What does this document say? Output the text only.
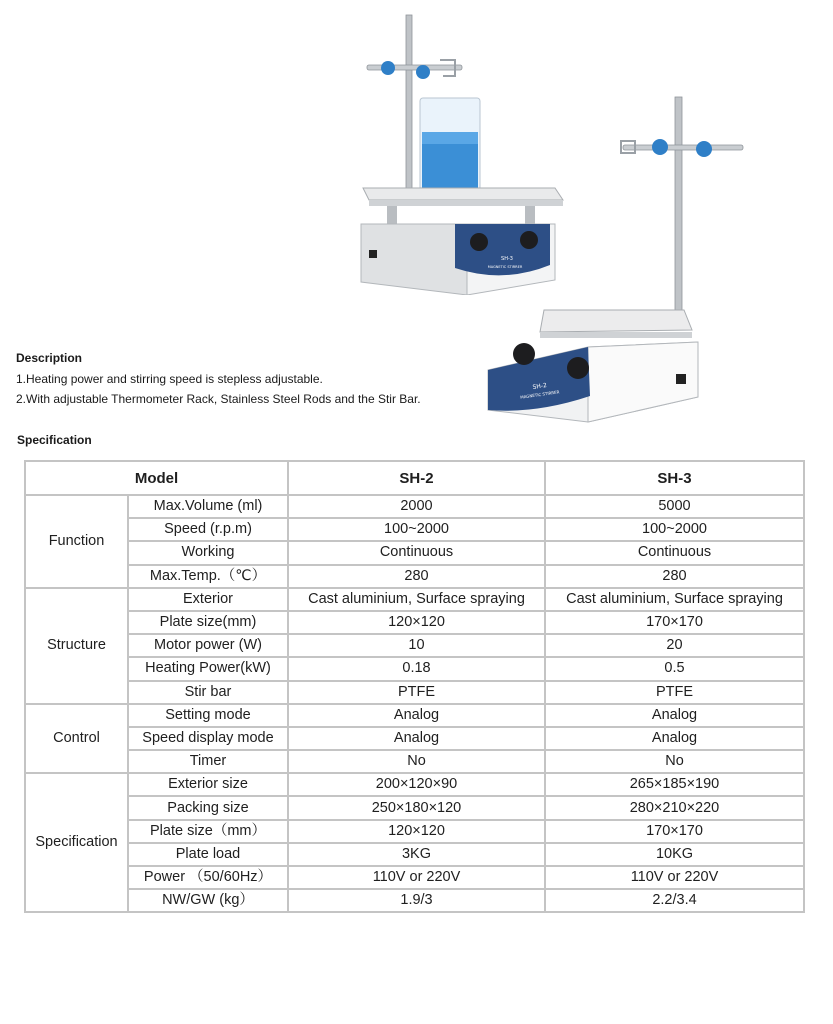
SH-3
MAGNETIC STIRRER
SH-2
MAGNETIC STIRRER
Description
1.Heating power and stirring speed is stepless adjustable.
2.With adjustable Thermometer Rack, Stainless Steel Rods and the Stir Bar.
Specification
Model		SH-2	SH-3
Function	Max.Volume (ml)	2000	5000
	Speed (r.p.m)	100~2000	100~2000
	Working	Continuous	Continuous
	Max.Temp.（℃）	280	280
Structure	Exterior	Cast aluminium, Surface spraying	Cast aluminium, Surface spraying
	Plate size(mm)	120×120	170×170
	Motor power (W)	10	20
	Heating Power(kW)	0.18	0.5
	Stir bar	PTFE	PTFE
Control	Setting mode	Analog	Analog
	Speed display mode	Analog	Analog
	Timer	No	No
Specification	Exterior size	200×120×90	265×185×190
	Packing size	250×180×120	280×210×220
	Plate size（mm）	120×120	170×170
	Plate load	3KG	10KG
	Power （50/60Hz）	110V or 220V	110V or 220V
	NW/GW (kg）	1.9/3	2.2/3.4
